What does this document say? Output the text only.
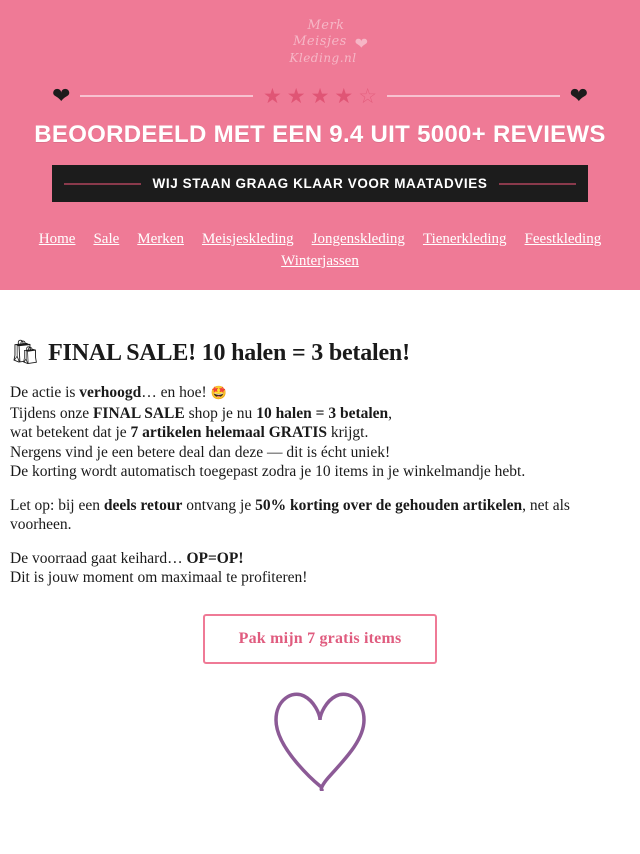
Merk
Meisjes
Kleding.nl
❤
❤	★ ★ ★ ★ ☆	❤
BEOORDEELD MET EEN 9.4 UIT 5000+ REVIEWS
WIJ STAAN GRAAG KLAAR VOOR MAATADVIES
Home Sale Merken Meisjeskleding Jongenskleding Tienerkleding Feestkleding Winterjassen
🛍 FINAL SALE! 10 halen = 3 betalen!

De actie is verhoogd… en hoe! 🤩
Tijdens onze FINAL SALE shop je nu 10 halen = 3 betalen,
wat betekent dat je 7 artikelen helemaal GRATIS krijgt.
Nergens vind je een betere deal dan deze — dit is écht uniek!
De korting wordt automatisch toegepast zodra je 10 items in je winkelmandje hebt.

Let op: bij een deels retour ontvang je 50% korting over de gehouden artikelen, net als voorheen.

De voorraad gaat keihard… OP=OP!
Dit is jouw moment om maximaal te profiteren!

Pak mijn 7 gratis items
